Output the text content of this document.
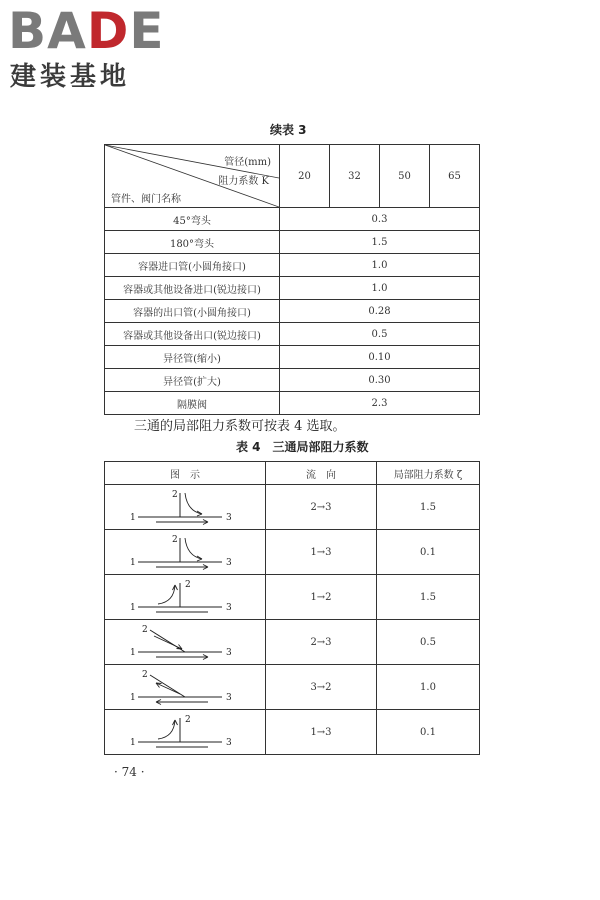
BADE
建装基地
续表 3
管径(mm)
阻力系数 K
管件、阀门名称	20	32	50	65
45°弯头	0.3			
180°弯头	1.5			
容器进口管(小圆角接口)	1.0			
容器或其他设备进口(锐边接口)	1.0			
容器的出口管(小圆角接口)	0.28			
容器或其他设备出口(锐边接口)	0.5			
异径管(缩小)	0.10			
异径管(扩大)	0.30			
隔膜阀	2.3			
三通的局部阻力系数可按表 4 选取。
表 4　三通局部阻力系数
图　示	流　向	局部阻力系数 ζ

1
2
3	2→3	1.5

1
2
3	1→3	0.1

1
2
3	1→2	1.5

2
1 3	2→3	0.5

2
1 3	3→2	1.0

1
2
3	1→3	0.1
· 74 ·
